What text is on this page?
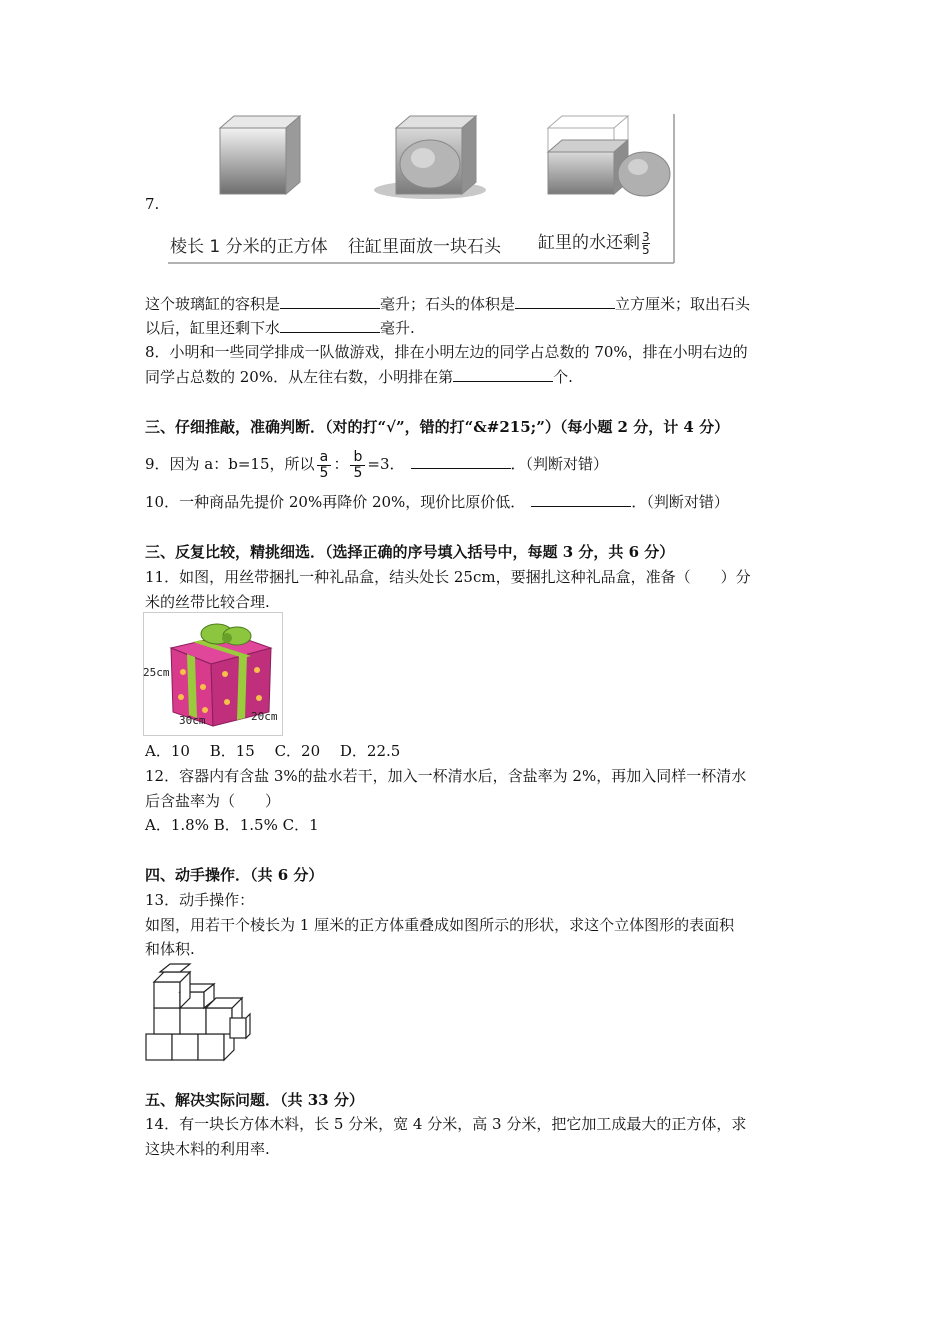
棱长 1 分米的正方体 往缸里面放一块石头 缸里的水还剩 $\frac{3}{5}$
7.
这个玻璃缸的容积是	毫升；石头的体积是	立方厘米；取出石头
以后，缸里还剩下水	毫升.
8．小明和一些同学排成一队做游戏，排在小明左边的同学占总数的 70%，排在小明右边的
同学占总数的 20%．从左往右数，小明排在第	个.
三、仔细推敲，准确判断．（对的打“√”，错的打“&#215;”）（每小题 2 分，计 4 分）
9．因为 a：b=15，所以 $\frac{a}{5}$ ： $\frac{b}{5} =3$．	．（判断对错）
10．一种商品先提价 20%再降价 20%，现价比原价低．	．（判断对错）
三、反复比较，精挑细选．（选择正确的序号填入括号中，每题 3 分，共 6 分）
11．如图，用丝带捆扎一种礼品盒，结头处长 25cm，要捆扎这种礼品盒，准备（　　）分
米的丝带比较合理.
25cm
30cm	20cm
A．10　 B．15　 C．20　 D．22.5
12．容器内有含盐 3%的盐水若干，加入一杯清水后，含盐率为 2%，再加入同样一杯清水
后含盐率为（　　）
A．1.8% B．1.5% C．1
四、动手操作．（共 6 分）
13．动手操作：
如图，用若干个棱长为 1 厘米的正方体重叠成如图所示的形状，求这个立体图形的表面积
和体积.
五、解决实际问题．（共 33 分）
14．有一块长方体木料，长 5 分米，宽 4 分米，高 3 分米，把它加工成最大的正方体，求
这块木料的利用率.
